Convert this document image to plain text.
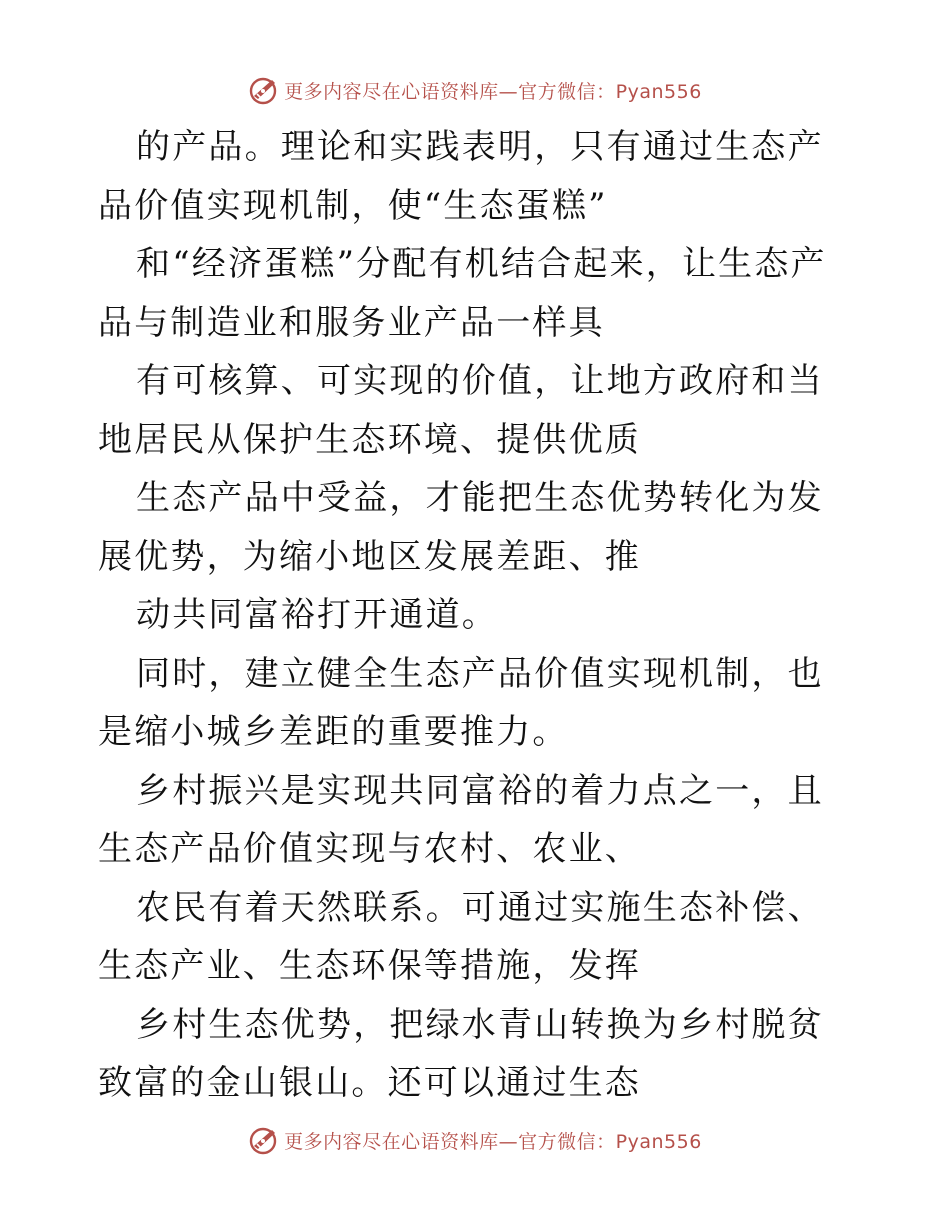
更多内容尽在心语资料库—官方微信：Pyan556

的产品。理论和实践表明，只有通过生态产品价值实现机制，使“生态蛋糕”

和“经济蛋糕”分配有机结合起来，让生态产品与制造业和服务业产品一样具

有可核算、可实现的价值，让地方政府和当地居民从保护生态环境、提供优质

生态产品中受益，才能把生态优势转化为发展优势，为缩小地区发展差距、推

动共同富裕打开通道。

同时，建立健全生态产品价值实现机制，也是缩小城乡差距的重要推力。

乡村振兴是实现共同富裕的着力点之一，且生态产品价值实现与农村、农业、

农民有着天然联系。可通过实施生态补偿、生态产业、生态环保等措施，发挥

乡村生态优势，把绿水青山转换为乡村脱贫致富的金山银山。还可以通过生态

更多内容尽在心语资料库—官方微信：Pyan556
